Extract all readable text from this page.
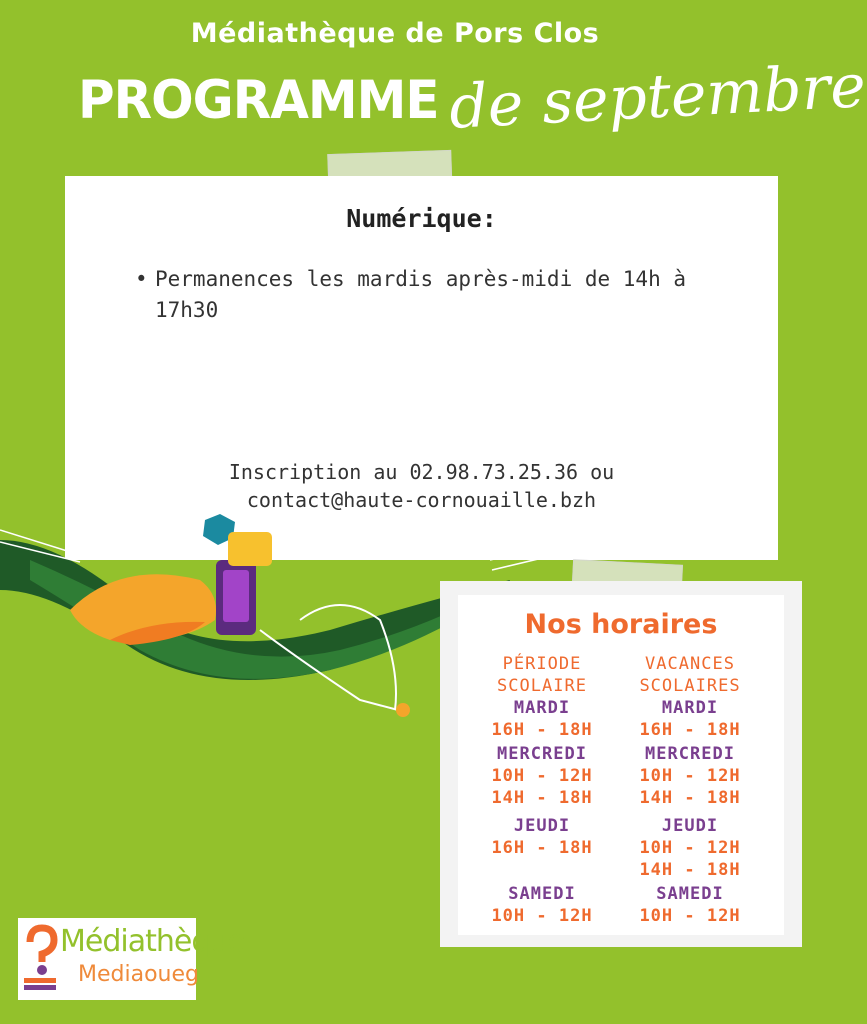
Médiathèque de Pors Clos
PROGRAMME de septembre
Numérique:
• Permanences les mardis après-midi de 14h à 17h30
Inscription au 02.98.73.25.36 ou
contact@haute-cornouaille.bzh
Nos horaires
PÉRIODE
SCOLAIRE
MARDI
16H - 18H
MERCREDI
10H - 12H
14H - 18H
JEUDI
16H - 18H
SAMEDI
10H - 12H
VACANCES
SCOLAIRES
MARDI
16H - 18H
MERCREDI
10H - 12H
14H - 18H
JEUDI
10H - 12H
14H - 18H
SAMEDI
10H - 12H
Médiathèque
Mediaoueg
